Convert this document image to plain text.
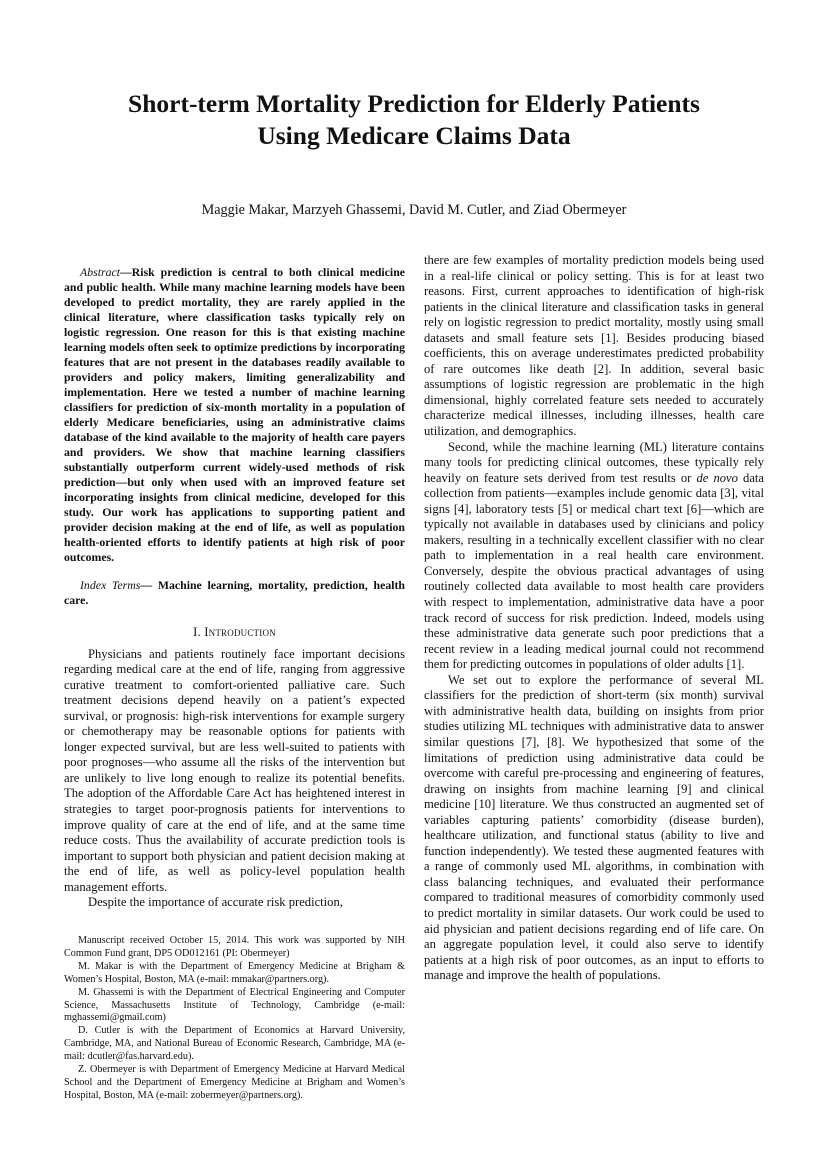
Short-term Mortality Prediction for Elderly Patients
Using Medicare Claims Data

Maggie Makar, Marzyeh Ghassemi, David M. Cutler, and Ziad Obermeyer

Abstract—Risk prediction is central to both clinical medicine and public health. While many machine learning models have been developed to predict mortality, they are rarely applied in the clinical literature, where classification tasks typically rely on logistic regression. One reason for this is that existing machine learning models often seek to optimize predictions by incorporating features that are not present in the databases readily available to providers and policy makers, limiting generalizability and implementation. Here we tested a number of machine learning classifiers for prediction of six-month mortality in a population of elderly Medicare beneficiaries, using an administrative claims database of the kind available to the majority of health care payers and providers. We show that machine learning classifiers substantially outperform current widely-used methods of risk prediction—but only when used with an improved feature set incorporating insights from clinical medicine, developed for this study. Our work has applications to supporting patient and provider decision making at the end of life, as well as population health-oriented efforts to identify patients at high risk of poor outcomes.

Index Terms— Machine learning, mortality, prediction, health care.

I. Introduction

Physicians and patients routinely face important decisions regarding medical care at the end of life, ranging from aggressive curative treatment to comfort-oriented palliative care. Such treatment decisions depend heavily on a patient’s expected survival, or prognosis: high-risk interventions for example surgery or chemotherapy may be reasonable options for patients with longer expected survival, but are less well-suited to patients with poor prognoses—who assume all the risks of the intervention but are unlikely to live long enough to realize its potential benefits. The adoption of the Affordable Care Act has heightened interest in strategies to target poor-prognosis patients for interventions to improve quality of care at the end of life, and at the same time reduce costs. Thus the availability of accurate prediction tools is important to support both physician and patient decision making at the end of life, as well as policy-level population health management efforts.

Despite the importance of accurate risk prediction,

Manuscript received October 15, 2014. This work was supported by NIH Common Fund grant, DP5 OD012161 (PI: Obermeyer)

M. Makar is with the Department of Emergency Medicine at Brigham & Women’s Hospital, Boston, MA (e-mail: mmakar@partners.org).

M. Ghassemi is with the Department of Electrical Engineering and Computer Science, Massachusetts Institute of Technology, Cambridge (e-mail: mghassemi@gmail.com)

D. Cutler is with the Department of Economics at Harvard University, Cambridge, MA, and National Bureau of Economic Research, Cambridge, MA (e-mail: dcutler@fas.harvard.edu).

Z. Obermeyer is with Department of Emergency Medicine at Harvard Medical School and the Department of Emergency Medicine at Brigham and Women’s Hospital, Boston, MA (e-mail: zobermeyer@partners.org).

there are few examples of mortality prediction models being used in a real-life clinical or policy setting. This is for at least two reasons. First, current approaches to identification of high-risk patients in the clinical literature and classification tasks in general rely on logistic regression to predict mortality, mostly using small datasets and small feature sets [1]. Besides producing biased coefficients, this on average underestimates predicted probability of rare outcomes like death [2]. In addition, several basic assumptions of logistic regression are problematic in the high dimensional, highly correlated feature sets needed to accurately characterize medical illnesses, including illnesses, health care utilization, and demographics.

Second, while the machine learning (ML) literature contains many tools for predicting clinical outcomes, these typically rely heavily on feature sets derived from test results or de novo data collection from patients—examples include genomic data [3], vital signs [4], laboratory tests [5] or medical chart text [6]—which are typically not available in databases used by clinicians and policy makers, resulting in a technically excellent classifier with no clear path to implementation in a real health care environment. Conversely, despite the obvious practical advantages of using routinely collected data available to most health care providers with respect to implementation, administrative data have a poor track record of success for risk prediction. Indeed, models using these administrative data generate such poor predictions that a recent review in a leading medical journal could not recommend them for predicting outcomes in populations of older adults [1].

We set out to explore the performance of several ML classifiers for the prediction of short-term (six month) survival with administrative health data, building on insights from prior studies utilizing ML techniques with administrative data to answer similar questions [7], [8]. We hypothesized that some of the limitations of prediction using administrative data could be overcome with careful pre-processing and engineering of features, drawing on insights from machine learning [9] and clinical medicine [10] literature. We thus constructed an augmented set of variables capturing patients’ comorbidity (disease burden), healthcare utilization, and functional status (ability to live and function independently). We tested these augmented features with a range of commonly used ML algorithms, in combination with class balancing techniques, and evaluated their performance compared to traditional measures of comorbidity commonly used to predict mortality in similar datasets. Our work could be used to aid physician and patient decisions regarding end of life care. On an aggregate population level, it could also serve to identify patients at a high risk of poor outcomes, as an input to efforts to manage and improve the health of populations.
